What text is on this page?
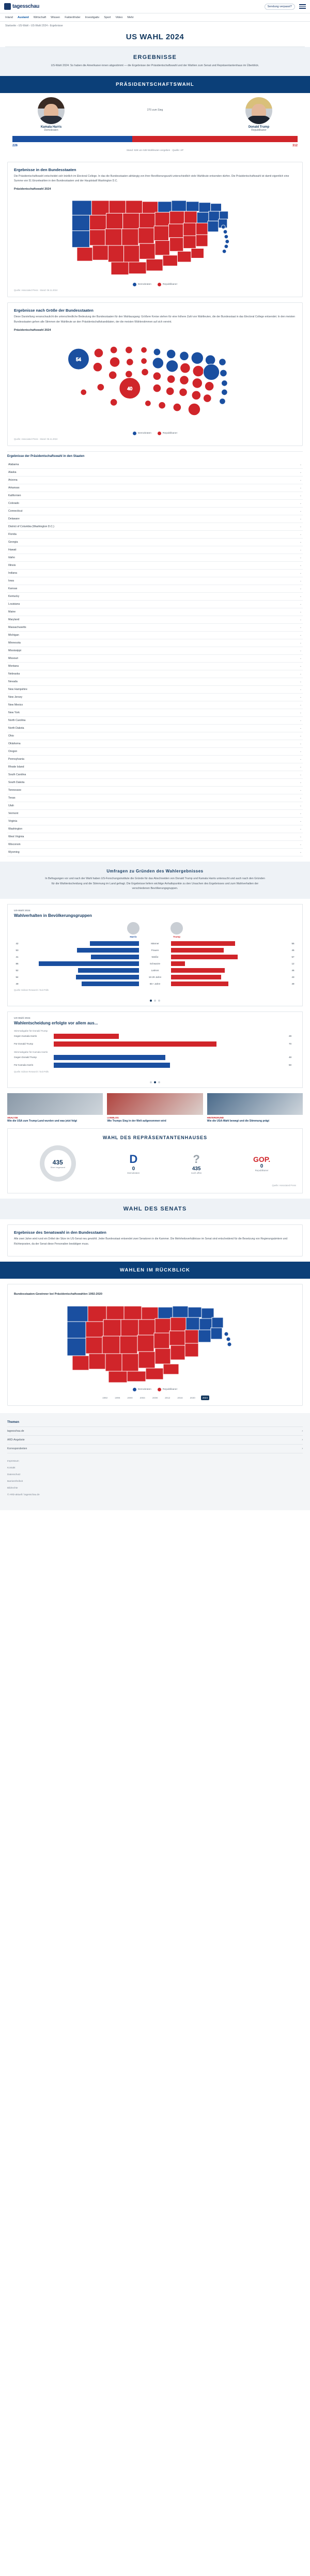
tagesschau	Sendung verpasst?
Inland Ausland Wirtschaft Wissen Faktenfinder Investigativ Sport Video Mehr
Startseite › US-Wahl › US-Wahl 2024 › Ergebnisse
US WAHL 2024
ERGEBNISSE
US-Wahl 2024: So haben die Amerikaner·innen abgestimmt — die Ergebnisse der Präsidentschaftswahl und der Wahlen zum Senat und Repräsentantenhaus im Überblick.
PRÄSIDENTSCHAFTSWAHL
Kamala Harris
Demokraten
270 zum Sieg
Donald Trump
Republikaner
226	312
Stand: 538 von 538 Wahlleuten vergeben · Quelle: AP
Ergebnisse in den Bundesstaaten

Die Präsidentschaftswahl entscheidet sich letztlich im Electoral College. In das die Bundesstaaten abhängig von ihrer Bevölkerungszahl unterschiedlich viele Wahlleute entsenden dürfen. Die Präsidentschaftswahl ist damit eigentlich eine Summe von 51 Einzelwahlen in den Bundesstaaten und der Hauptstadt Washington D.C.

Präsidentschaftswahl 2024
Demokraten	Republikaner
Quelle: Associated Press · Stand: 06.11.2024
Ergebnisse nach Größe der Bundesstaaten

Diese Darstellung veranschaulicht die unterschiedliche Bedeutung der Bundesstaaten für den Wahlausgang: Größere Kreise stehen für eine höhere Zahl von Wahlleuten, die der Bundesstaat in das Electoral College entsendet. In den meisten Bundesstaaten gehen alle Stimmen der Wahlleute an den Präsidentschaftskandidaten, der die meisten Wählerstimmen auf sich vereint.

Präsidentschaftswahl 2024
54
40
Demokraten	Republikaner
Quelle: Associated Press · Stand: 06.11.2024
Ergebnisse der Präsidentschaftswahl in den Staaten
Alabama	⌄
Alaska	⌄
Arizona	⌄
Arkansas	⌄
Kalifornien	⌄
Colorado	⌄
Connecticut	⌄
Delaware	⌄
District of Columbia (Washington D.C.)	⌄
Florida	⌄
Georgia	⌄
Hawaii	⌄
Idaho	⌄
Illinois	⌄
Indiana	⌄
Iowa	⌄
Kansas	⌄
Kentucky	⌄
Louisiana	⌄
Maine	⌄
Maryland	⌄
Massachusetts	⌄
Michigan	⌄
Minnesota	⌄
Mississippi	⌄
Missouri	⌄
Montana	⌄
Nebraska	⌄
Nevada	⌄
New Hampshire	⌄
New Jersey	⌄
New Mexico	⌄
New York	⌄
North Carolina	⌄
North Dakota	⌄
Ohio	⌄
Oklahoma	⌄
Oregon	⌄
Pennsylvania	⌄
Rhode Island	⌄
South Carolina	⌄
South Dakota	⌄
Tennessee	⌄
Texas	⌄
Utah	⌄
Vermont	⌄
Virginia	⌄
Washington	⌄
West Virginia	⌄
Wisconsin	⌄
Wyoming	⌄
Umfragen zu Gründen des Wahlergebnisses
In Befragungen vor und nach der Wahl haben US-Forschungsinstitute die Gründe für das Abschneiden von Donald Trump und Kamala Harris untersucht und auch nach den Gründen für die Wahlentscheidung und die Stimmung im Land gefragt. Die Ergebnisse liefern wichtige Anhaltspunkte zu den Ursachen des Ergebnisses und zum Wahlverhalten der verschiedenen Bevölkerungsgruppen.
US-Wahl 2024
Wahlverhalten in Bevölkerungsgruppen
Harris	Trump
42	Männer	55
53	Frauen	45
41	Weiße	57
86	Schwarze	12
52	Latinos	46
54	18-29 Jahre	43
49	65+ Jahre	49
Quelle: Edison Research / Exit Polls
US-Wahl 2024
Wahlentscheidung erfolgte vor allem aus...
Stimmabgabe für Donald Trump
Gegen Kamala Harris	28
Für Donald Trump	70
Stimmabgabe für Kamala Harris
Gegen Donald Trump	48
Für Kamala Harris	50
Quelle: Edison Research / Exit Polls
ANALYSE
Wie die USA zum Trump-Land wurden und was jetzt folgt
LIVEBLOG
Wie Trumps Sieg in der Welt aufgenommen wird
HINTERGRUND
Wie die USA-Wahl bewegt und die Stimmung prägt
WAHL DES REPRÄSENTANTENHAUSES
435
Sitze insgesamt
D
0
Demokraten
?
435
noch offen
GOP.
0
Republikaner
Quelle: Associated Press
WAHL DES SENATS
Ergebnisse des Senatswahl in den Bundesstaaten

Alle zwei Jahre wird rund ein Drittel der Sitze im US-Senat neu gewählt. Jeder Bundesstaat entsendet zwei Senatoren in die Kammer. Die Mehrheitsverhältnisse im Senat sind entscheidend für die Besetzung von Regierungsämtern und Richterposten, da der Senat diese Personalien bestätigen muss.

WAHLEN IM RÜCKBLICK
Bundesstaaten-Gewinner bei Präsidentschaftswahlen 1992-2020
Demokraten	Republikaner
1992	1996	2000	2004	2008	2012	2016	2020	2024
Themen
tagesschau.de	›
ARD-Angebote	›
Korrespondenten	›
Impressum
Kontakt
Datenschutz
Barrierefreiheit
Bildrechte
© ARD-aktuell / tagesschau.de
